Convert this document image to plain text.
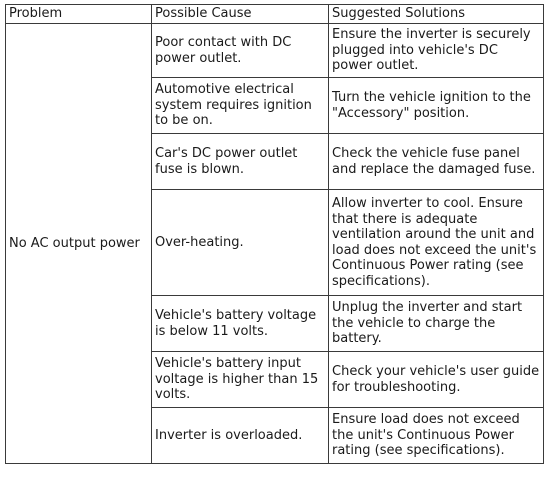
Problem	Possible Cause	Suggested Solutions
No AC output power	Poor contact with DC power outlet.	Ensure the inverter is securely plugged into vehicle's DC power outlet.
	Automotive electrical system requires ignition to be on.	Turn the vehicle ignition to the "Accessory" position.
	Car's DC power outlet fuse is blown.	Check the vehicle fuse panel and replace the damaged fuse.
	Over-heating.	Allow inverter to cool. Ensure that there is adequate ventilation around the unit and load does not exceed the unit's Continuous Power rating (see specifications).
	Vehicle's battery voltage is below 11 volts.	Unplug the inverter and start the vehicle to charge the battery.
	Vehicle's battery input voltage is higher than 15 volts.	Check your vehicle's user guide for troubleshooting.
	Inverter is overloaded.	Ensure load does not exceed the unit's Continuous Power rating (see specifications).
